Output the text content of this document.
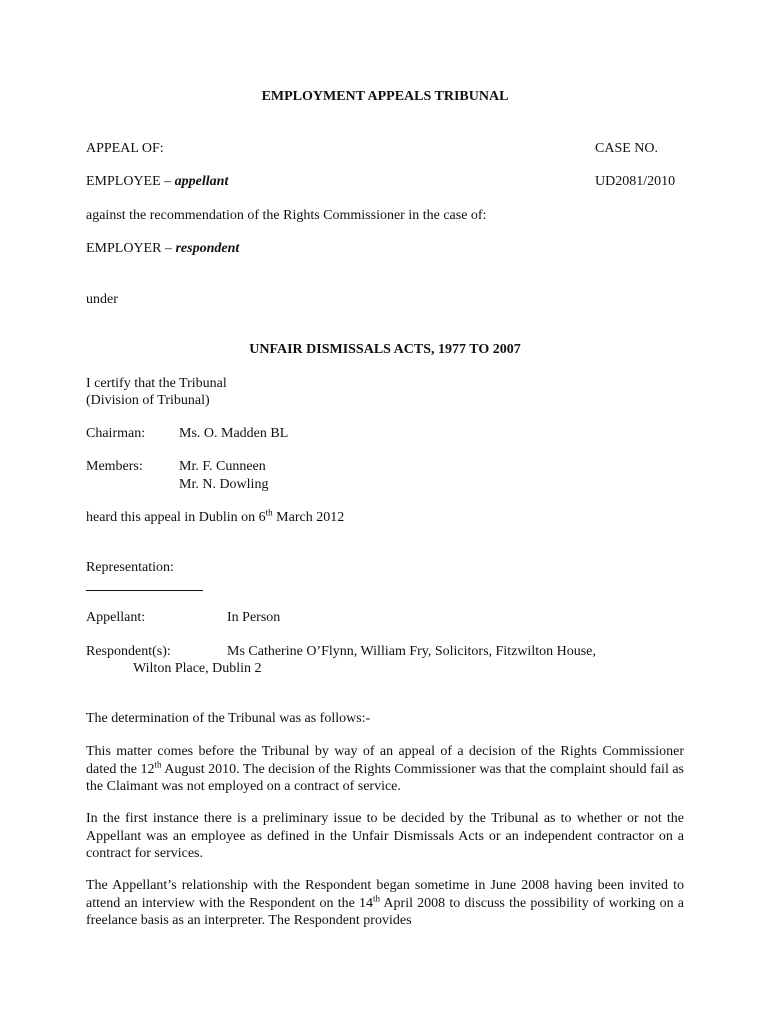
EMPLOYMENT APPEALS TRIBUNAL
APPEAL OF:	CASE NO.
EMPLOYEE – appellant	UD2081/2010
against the recommendation of the Rights Commissioner in the case of:
EMPLOYER – respondent
under
UNFAIR DISMISSALS ACTS, 1977 TO 2007
I certify that the Tribunal
(Division of Tribunal)
Chairman: Ms. O. Madden BL
Members:	Mr. F. Cunneen
Mr. N. Dowling
heard this appeal in Dublin on 6th March 2012
Representation:
Appellant:	In Person
Respondent(s):	Ms Catherine O’Flynn, William Fry, Solicitors, Fitzwilton House,
Wilton Place, Dublin 2
The determination of the Tribunal was as follows:-
This matter comes before the Tribunal by way of an appeal of a decision of the Rights Commissioner dated the 12th August 2010. The decision of the Rights Commissioner was that the complaint should fail as the Claimant was not employed on a contract of service.
In the first instance there is a preliminary issue to be decided by the Tribunal as to whether or not the Appellant was an employee as defined in the Unfair Dismissals Acts or an independent contractor on a contract for services.
The Appellant’s relationship with the Respondent began sometime in June 2008 having been invited to attend an interview with the Respondent on the 14th April 2008 to discuss the possibility of working on a freelance basis as an interpreter. The Respondent provides
